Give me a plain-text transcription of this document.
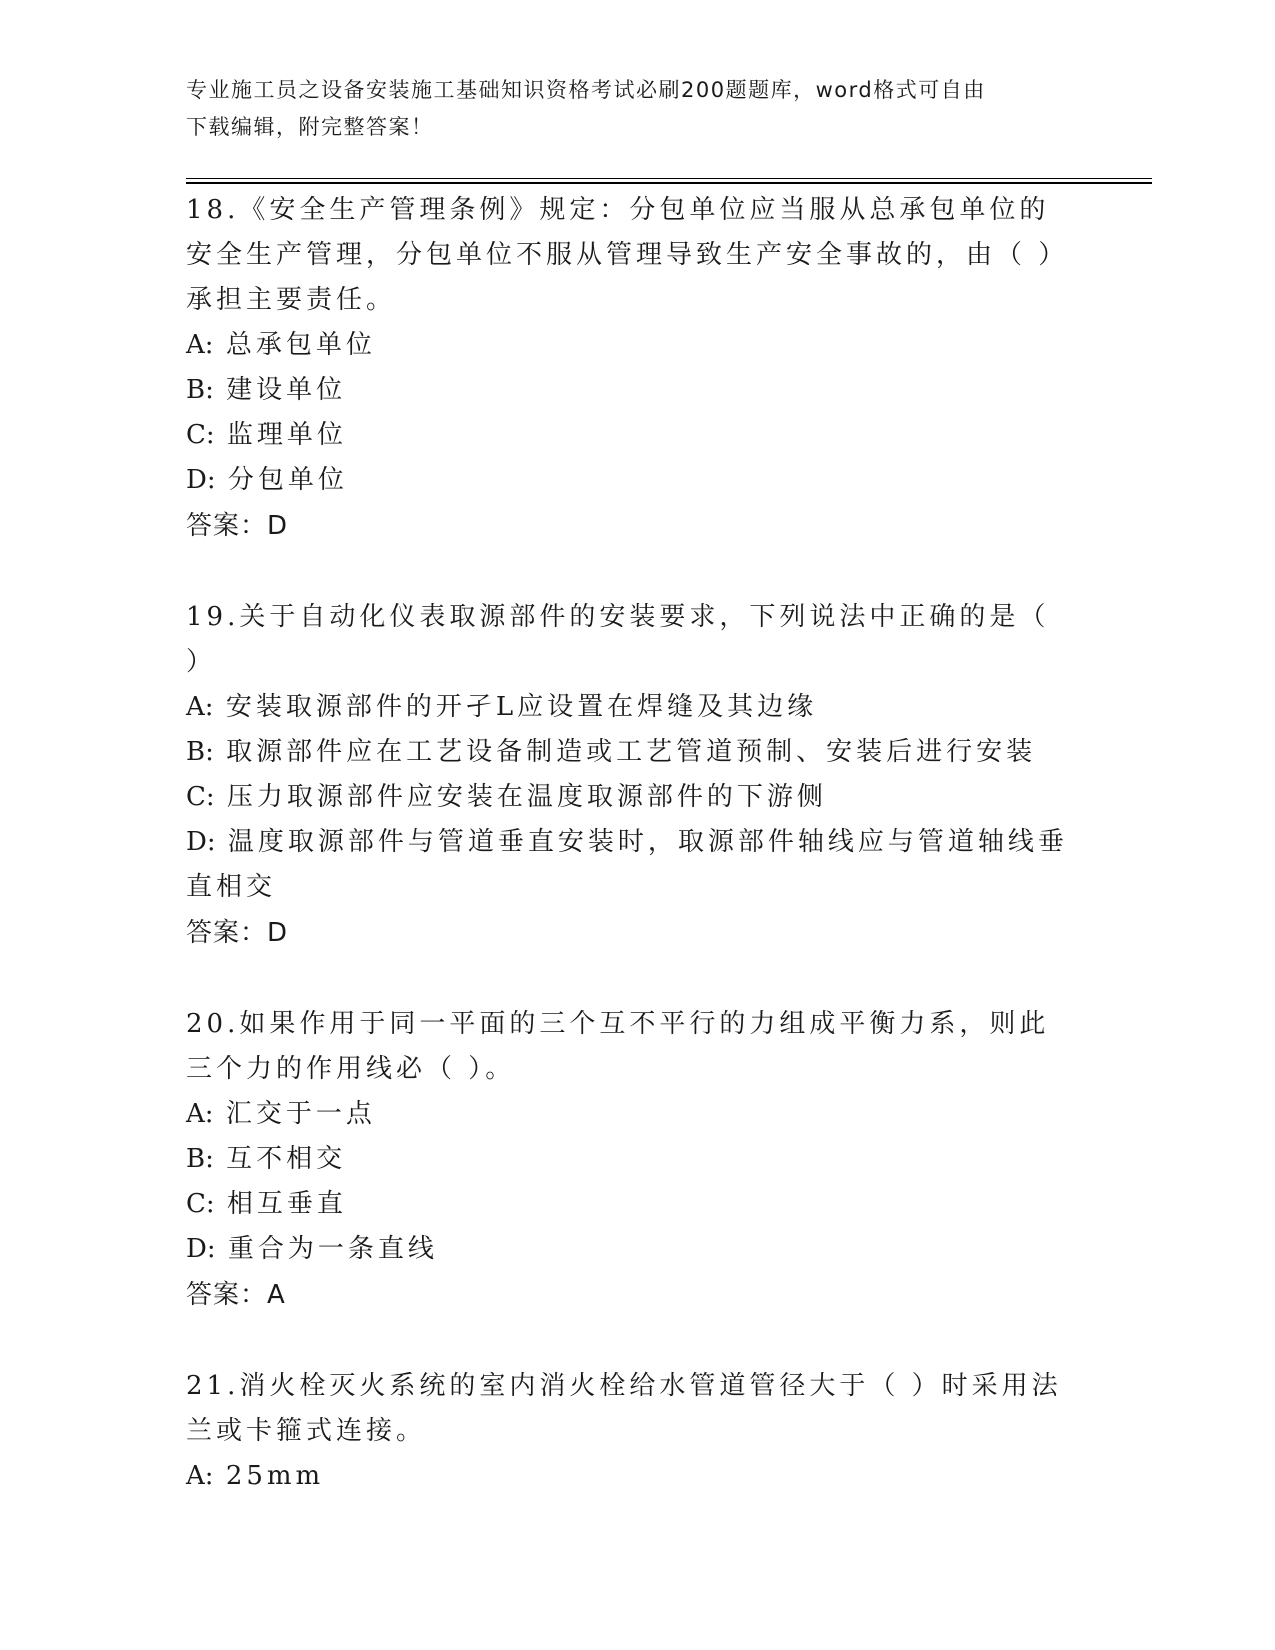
专业施工员之设备安装施工基础知识资格考试必刷200题题库，word格式可自由
下载编辑，附完整答案！

18.《安全生产管理条例》规定：分包单位应当服从总承包单位的安全生产管理，分包单位不服从管理导致生产安全事故的，由（ ）承担主要责任。

A: 总承包单位

B: 建设单位

C: 监理单位

D: 分包单位

答案：D

19.关于自动化仪表取源部件的安装要求，下列说法中正确的是（ ）

A: 安装取源部件的开孑L应设置在焊缝及其边缘

B: 取源部件应在工艺设备制造或工艺管道预制、安装后进行安装

C: 压力取源部件应安装在温度取源部件的下游侧

D: 温度取源部件与管道垂直安装时，取源部件轴线应与管道轴线垂直相交

答案：D

20.如果作用于同一平面的三个互不平行的力组成平衡力系，则此三个力的作用线必（ ）。

A: 汇交于一点

B: 互不相交

C: 相互垂直

D: 重合为一条直线

答案：A

21.消火栓灭火系统的室内消火栓给水管道管径大于（ ）时采用法兰或卡箍式连接。

A: 25mm
